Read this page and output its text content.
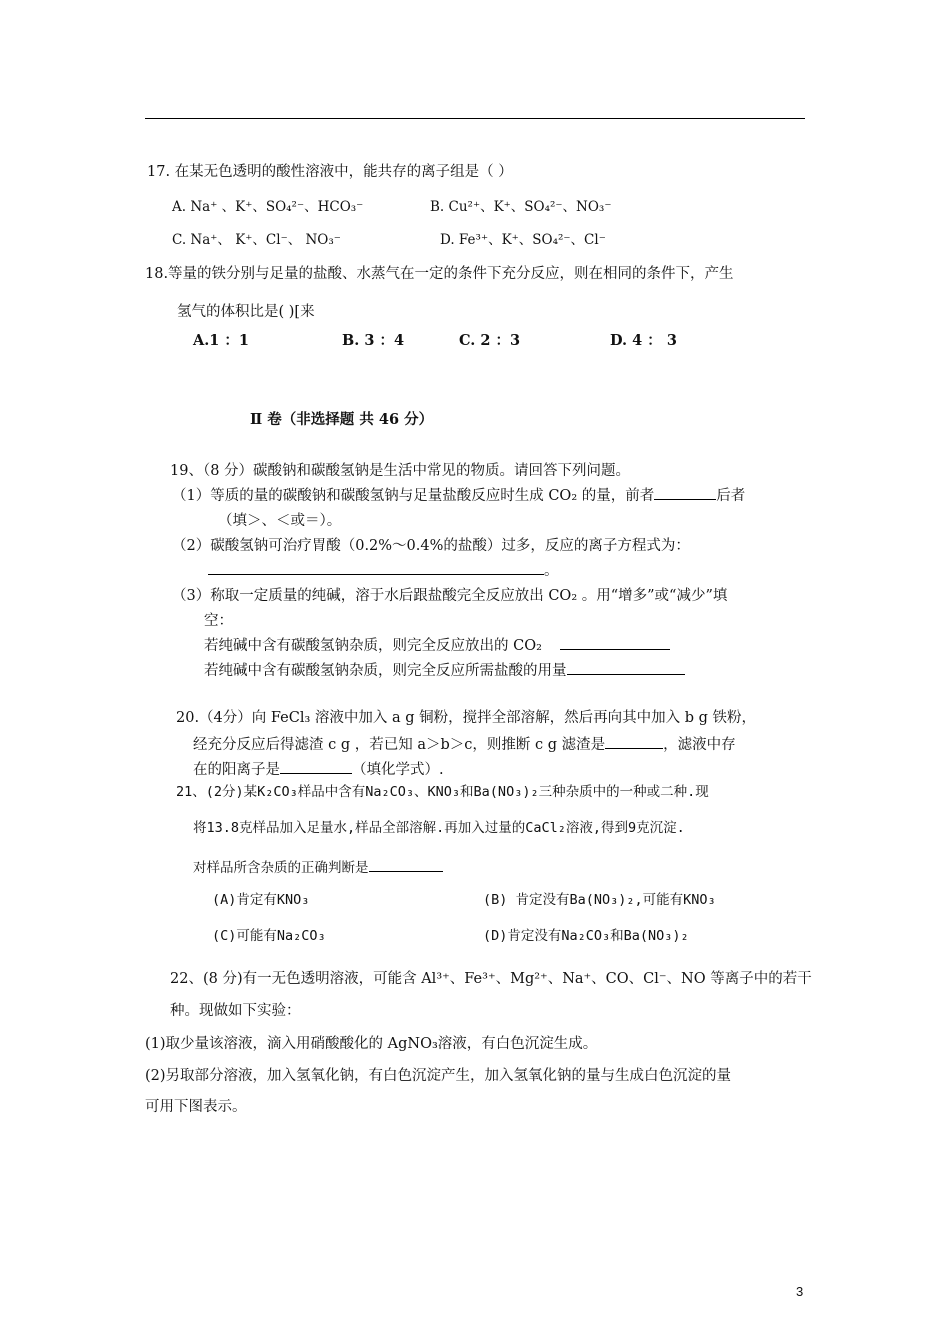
17. 在某无色透明的酸性溶液中，能共存的离子组是（ ）
A. Na⁺ 、K⁺、SO₄²⁻、HCO₃⁻	B. Cu²⁺、K⁺、SO₄²⁻、NO₃⁻
C. Na⁺、 K⁺、Cl⁻、 NO₃⁻	D. Fe³⁺、K⁺、SO₄²⁻、Cl⁻
18.等量的铁分别与足量的盐酸、水蒸气在一定的条件下充分反应，则在相同的条件下，产生
氢气的体积比是( )[来
A.1 ：1	B. 3 ：4	C. 2 ：3	D. 4 ： 3
Ⅱ 卷（非选择题 共 46 分）
19、（8 分）碳酸钠和碳酸氢钠是生活中常见的物质。请回答下列问题。
（1）等质的量的碳酸钠和碳酸氢钠与足量盐酸反应时生成 CO₂ 的量，前者	后者
（填＞、＜或＝）。
（2）碳酸氢钠可治疗胃酸（0.2%～0.4%的盐酸）过多，反应的离子方程式为：
。
（3）称取一定质量的纯碱，溶于水后跟盐酸完全反应放出 CO₂ 。用“增多”或“减少”填
空：
若纯碱中含有碳酸氢钠杂质，则完全反应放出的 CO₂
若纯碱中含有碳酸氢钠杂质，则完全反应所需盐酸的用量
20.（4分）向 FeCl₃ 溶液中加入 a g 铜粉，搅拌全部溶解，然后再向其中加入 b g 铁粉，
经充分反应后得滤渣 c g ，若已知 a＞b＞c，则推断 c g 滤渣是	，滤液中存
在的阳离子是	（填化学式）.
21、(2分)某K₂CO₃样品中含有Na₂CO₃、KNO₃和Ba(NO₃)₂三种杂质中的一种或二种.现
将13.8克样品加入足量水,样品全部溶解.再加入过量的CaCl₂溶液,得到9克沉淀.
对样品所含杂质的正确判断是
(A)肯定有KNO₃	(B) 肯定没有Ba(NO₃)₂,可能有KNO₃
(C)可能有Na₂CO₃	(D)肯定没有Na₂CO₃和Ba(NO₃)₂
22、(8 分)有一无色透明溶液，可能含 Al³⁺、Fe³⁺、Mg²⁺、Na⁺、CO、Cl⁻、NO 等离子中的若干
种。现做如下实验：
(1)取少量该溶液，滴入用硝酸酸化的 AgNO₃溶液，有白色沉淀生成。
(2)另取部分溶液，加入氢氧化钠，有白色沉淀产生，加入氢氧化钠的量与生成白色沉淀的量
可用下图表示。
3
